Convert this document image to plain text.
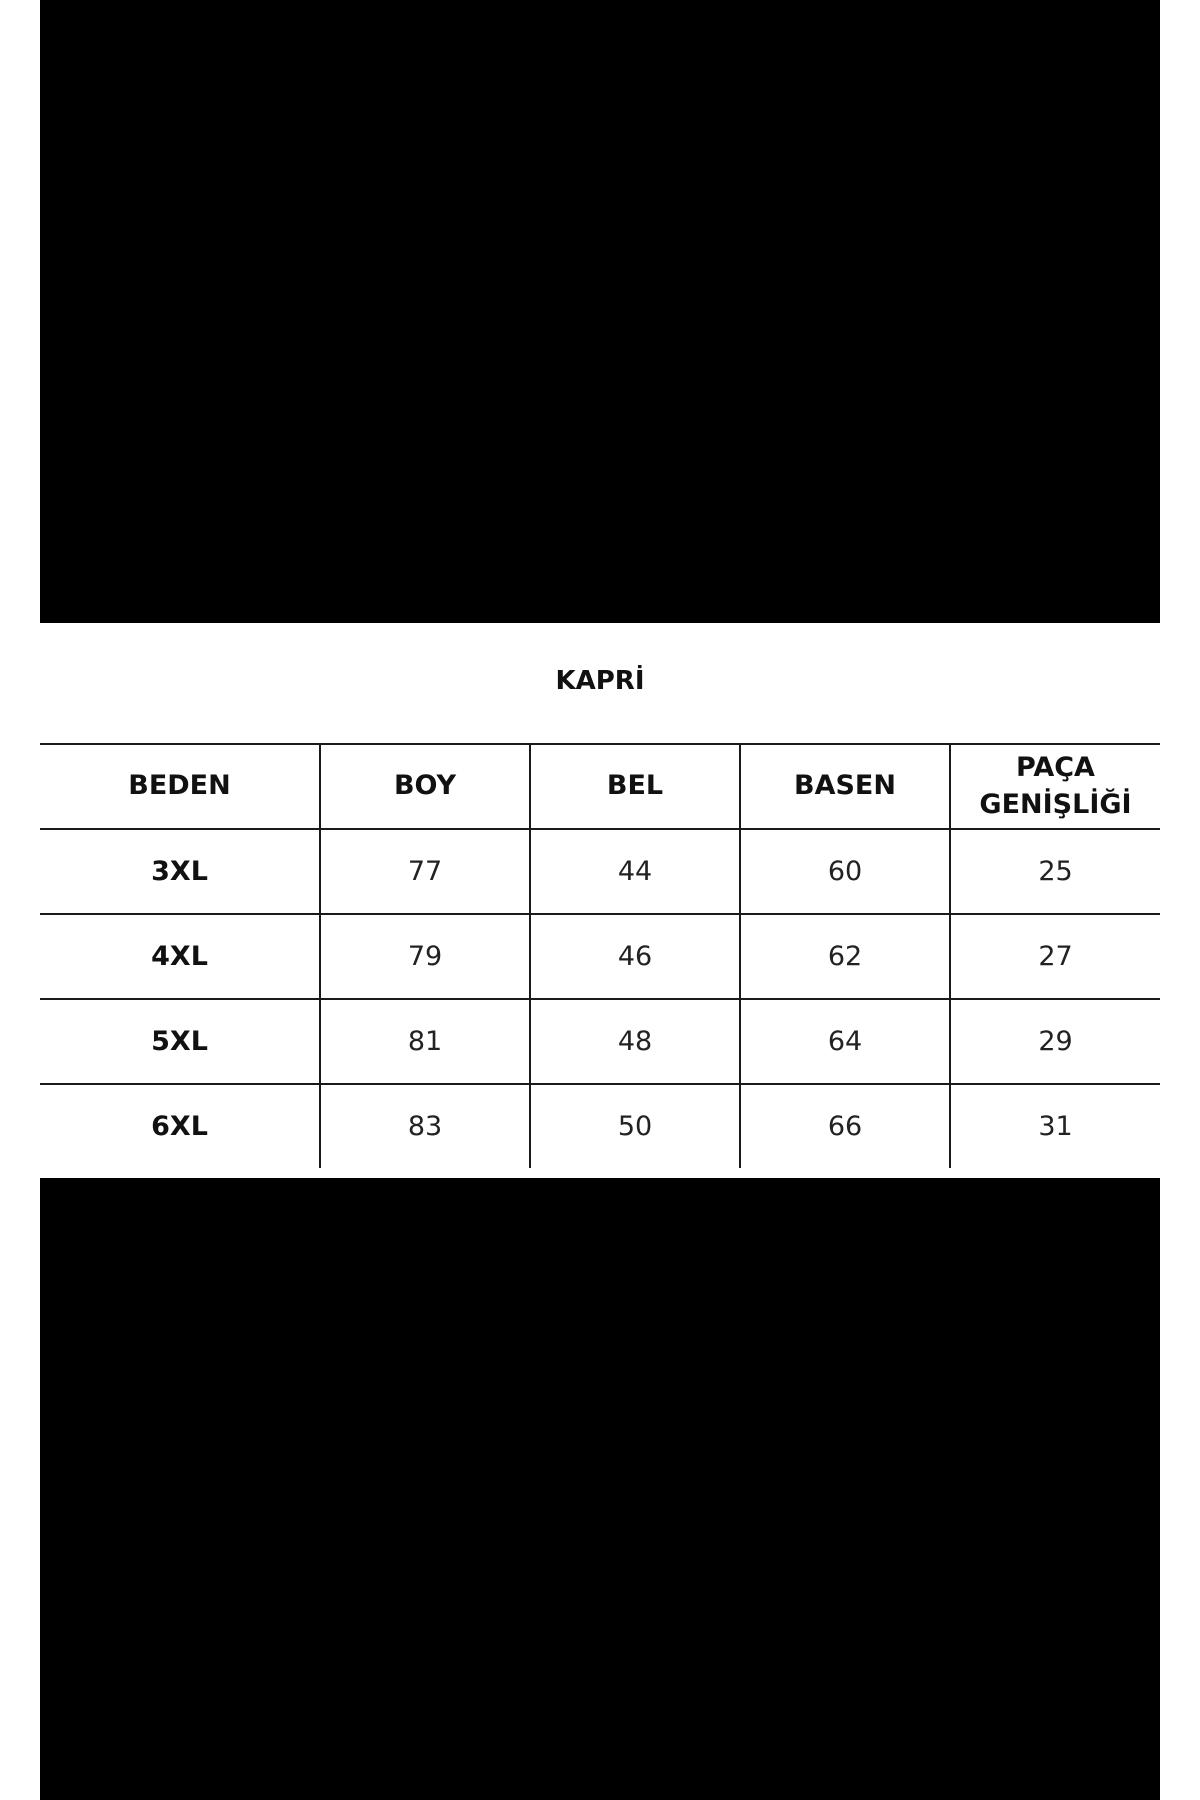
KAPRİ
BEDEN	BOY	BEL	BASEN	PAÇA GENİŞLİĞİ
3XL	77	44	60	25
4XL	79	46	62	27
5XL	81	48	64	29
6XL	83	50	66	31
